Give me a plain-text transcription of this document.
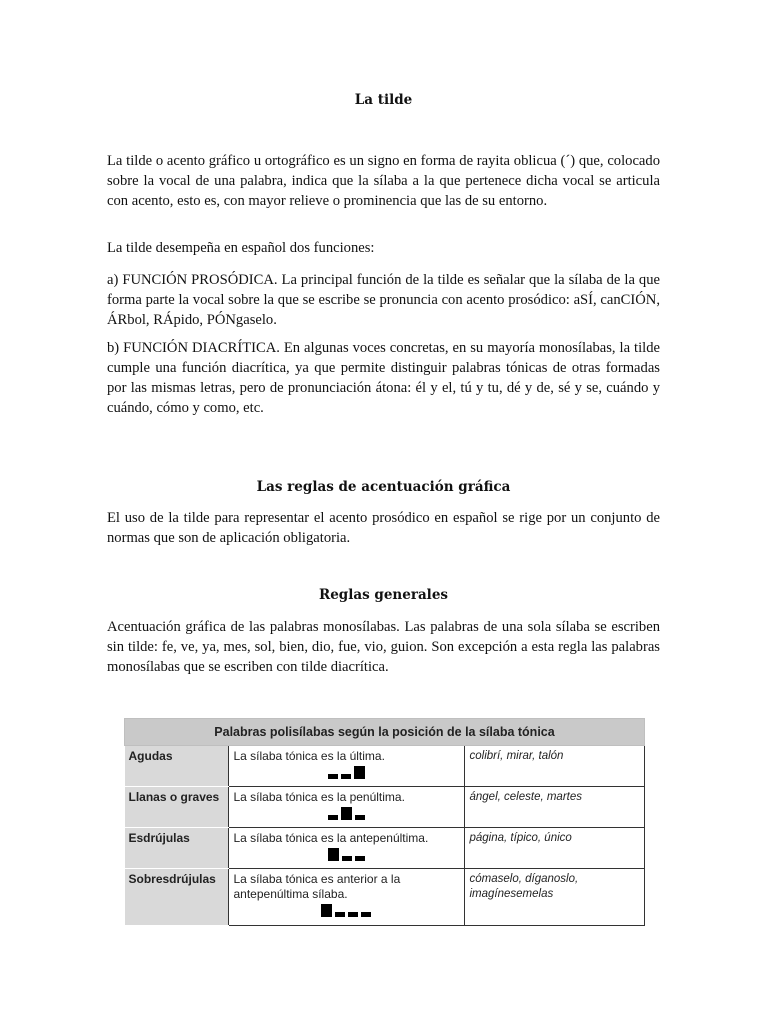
La tilde

La tilde o acento gráfico u ortográfico es un signo en forma de rayita oblicua (´) que, colocado sobre la vocal de una palabra, indica que la sílaba a la que pertenece dicha vocal se articula con acento, esto es, con mayor relieve o prominencia que las de su entorno.

La tilde desempeña en español dos funciones:

a) FUNCIÓN PROSÓDICA. La principal función de la tilde es señalar que la sílaba de la que forma parte la vocal sobre la que se escribe se pronuncia con acento prosódico: aSÍ, canCIÓN, ÁRbol, RÁpido, PÓNgaselo.

b) FUNCIÓN DIACRÍTICA. En algunas voces concretas, en su mayoría monosílabas, la tilde cumple una función diacrítica, ya que permite distinguir palabras tónicas de otras formadas por las mismas letras, pero de pronunciación átona: él y el, tú y tu, dé y de, sé y se, cuándo y cuándo, cómo y como, etc.

Las reglas de acentuación gráfica

El uso de la tilde para representar el acento prosódico en español se rige por un conjunto de normas que son de aplicación obligatoria.

Reglas generales

Acentuación gráfica de las palabras monosílabas. Las palabras de una sola sílaba se escriben sin tilde: fe, ve, ya, mes, sol, bien, dio, fue, vio, guion. Son excepción a esta regla las palabras monosílabas que se escriben con tilde diacrítica.

Palabras polisílabas según la posición de la sílaba tónica		
Agudas	La sílaba tónica es la última.	colibrí, mirar, talón
Llanas o graves	La sílaba tónica es la penúltima.	ángel, celeste, martes
Esdrújulas	La sílaba tónica es la antepenúltima.	página, típico, único
Sobresdrújulas	La sílaba tónica es anterior a la antepenúltima sílaba.	cómaselo, díganoslo, imagínesemelas
